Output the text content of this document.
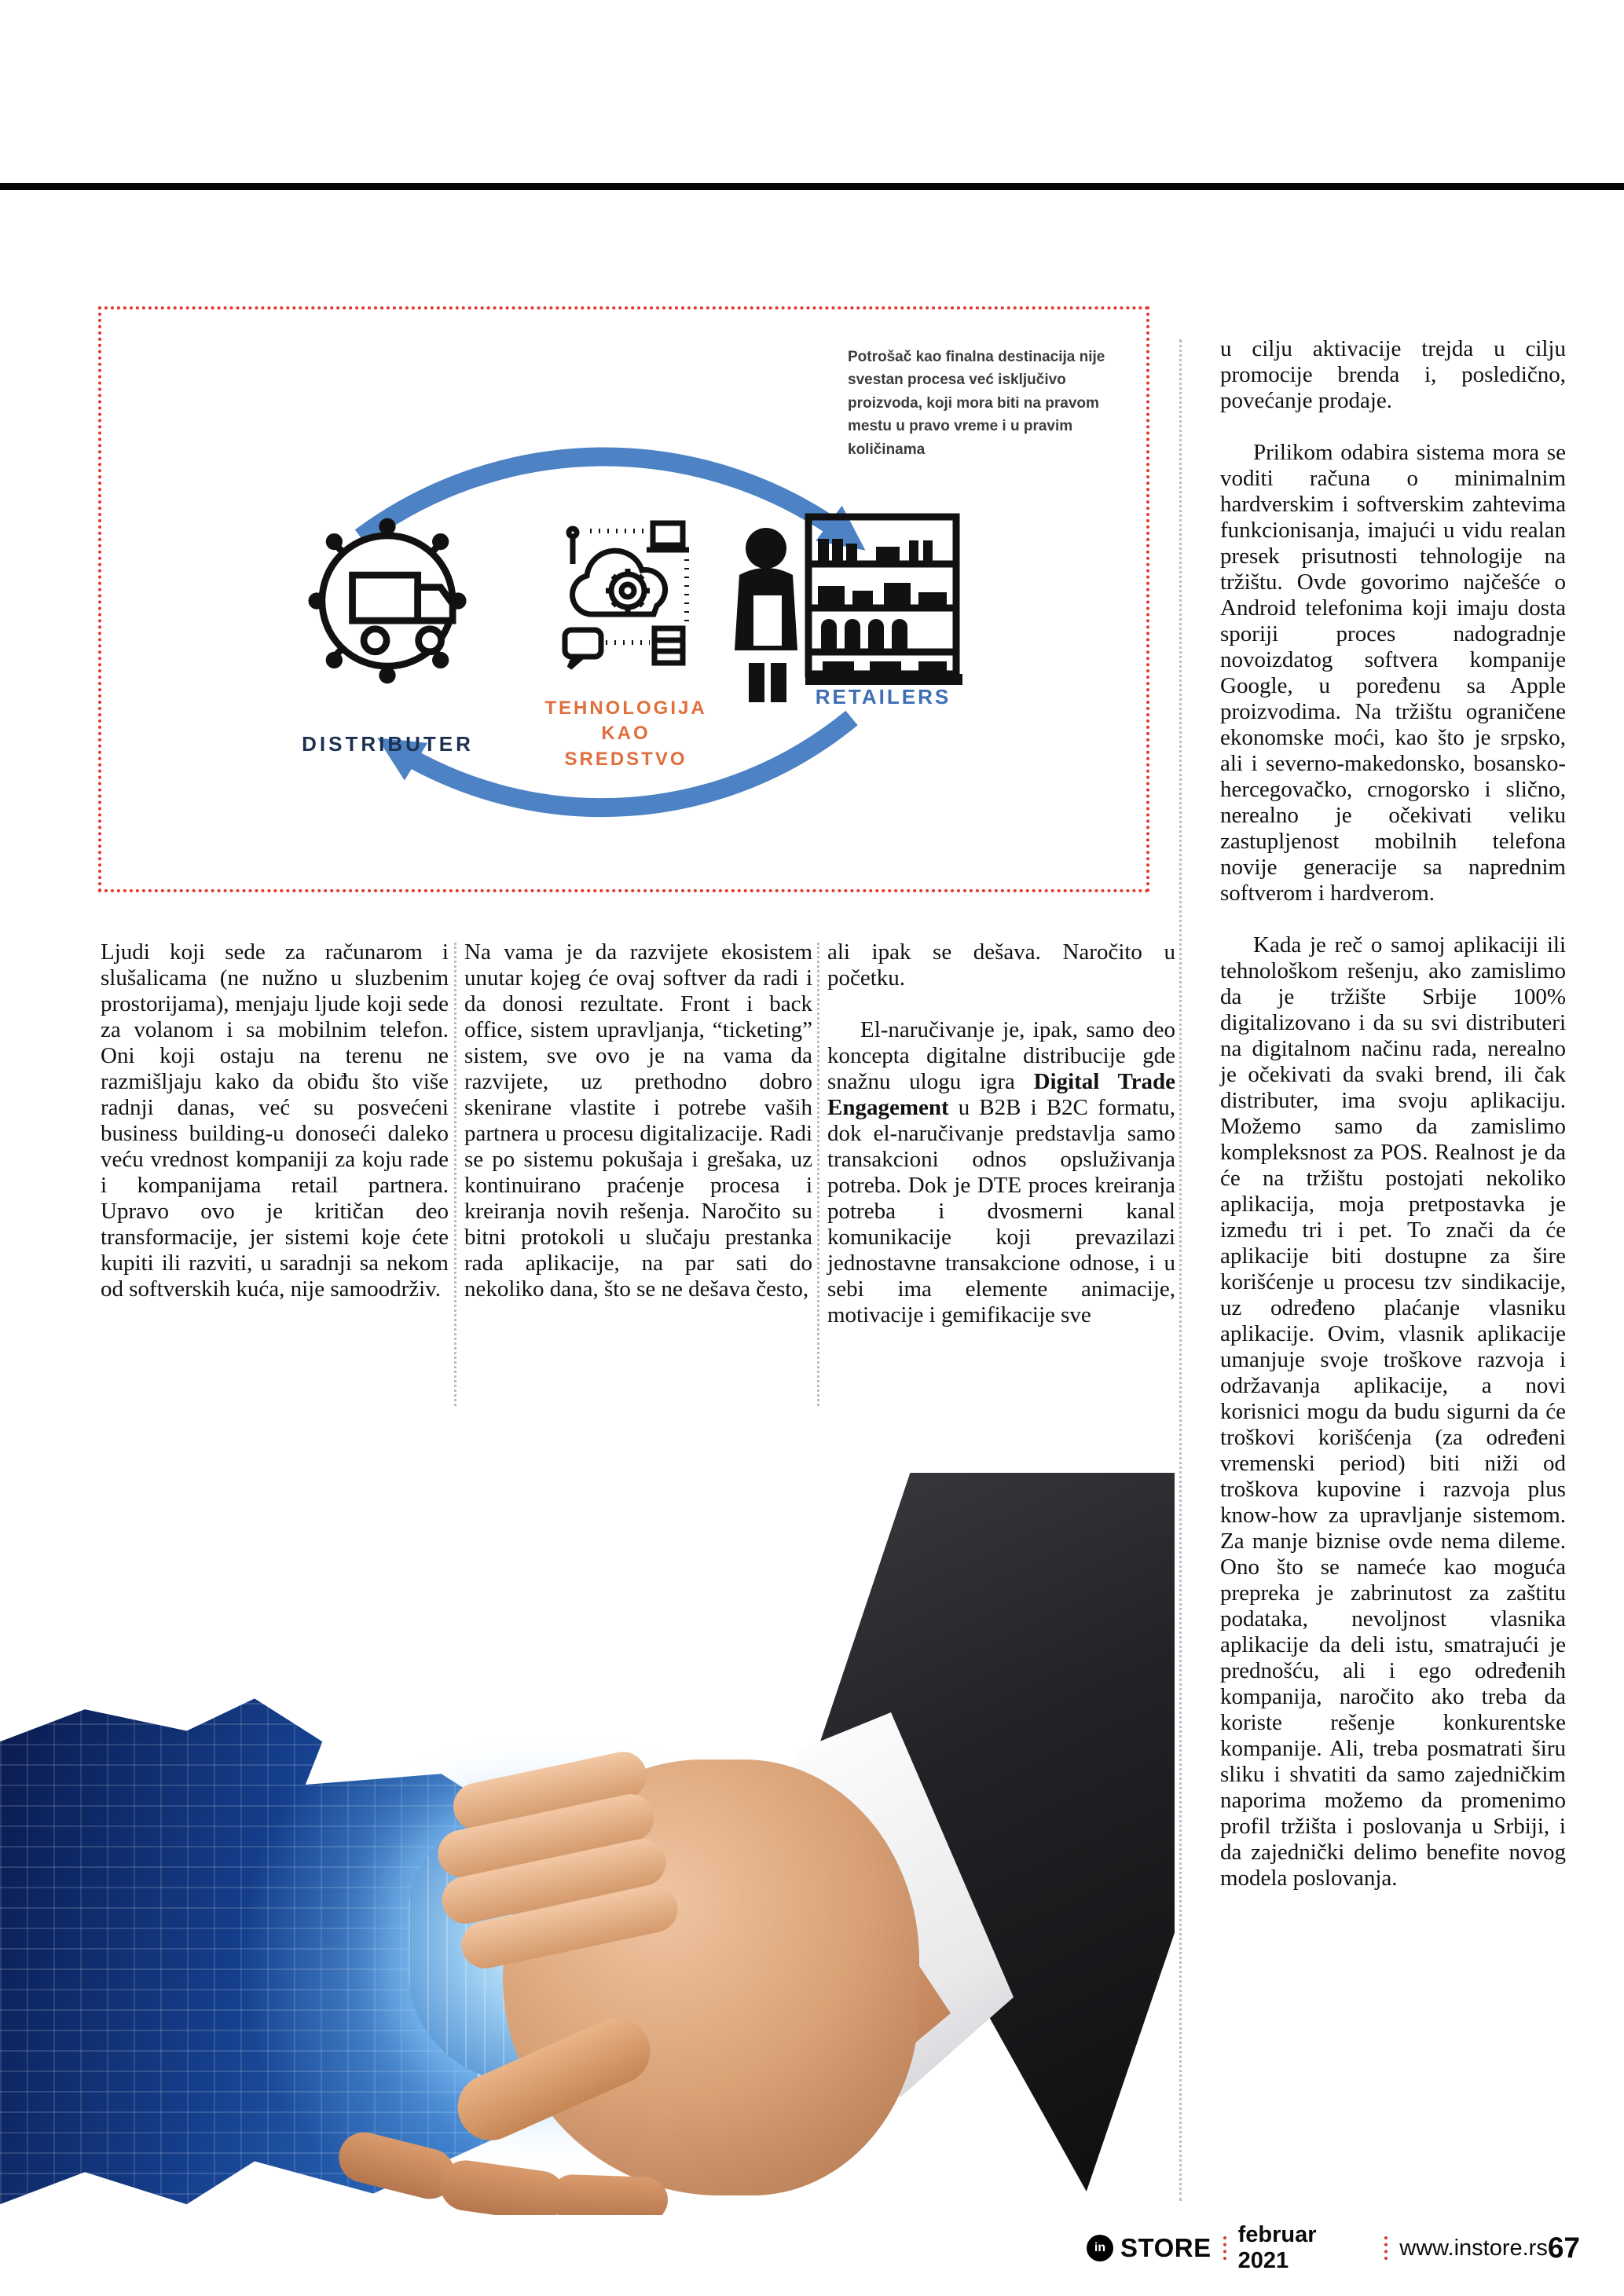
Potrošač kao finalna destinacija nije svestan procesa već isključivo proizvoda, koji mora biti na pravom mestu u pravo vreme i u pravim količinama
DISTRIBUTER
TEHNOLOGIJA
KAO
SREDSTVO
RETAILERS

Ljudi koji sede za računarom i slušalicama (ne nužno u sluzbenim prostorijama), menjaju ljude koji sede za volanom i sa mobilnim telefon. Oni koji ostaju na terenu ne razmišljaju kako da obiđu što više radnji danas, već su posvećeni business building-u donoseći daleko veću vrednost kompaniji za koju rade i kompanijama retail partnera. Upravo ovo je kritičan deo transformacije, jer sistemi koje ćete kupiti ili razviti, u saradnji sa nekom od softverskih kuća, nije samoodrživ.

Na vama je da razvijete ekosistem unutar kojeg će ovaj softver da radi i da donosi rezultate. Front i back office, sistem upravljanja, “ticketing” sistem, sve ovo je na vama da razvijete, uz prethodno dobro skenirane vlastite i potrebe vaših partnera u procesu digitalizacije. Radi se po sistemu pokušaja i grešaka, uz kontinuirano praćenje procesa i kreiranja novih rešenja. Naročito su bitni protokoli u slučaju prestanka rada aplikacije, na par sati do nekoliko dana, što se ne dešava često,

ali ipak se dešava. Naročito u početku.

El-naručivanje je, ipak, samo deo koncepta digitalne distribucije gde snažnu ulogu igra Digital Trade Engagement u B2B i B2C formatu, dok el-naručivanje predstavlja samo transakcioni odnos opsluživanja potreba. Dok je DTE proces kreiranja potreba i dvosmerni kanal komunikacije koji prevazilazi jednostavne transakcione odnose, i u sebi ima elemente animacije, motivacije i gemifikacije sve

u cilju aktivacije trejda u cilju promocije brenda i, posledično, povećanje prodaje.

Prilikom odabira sistema mora se voditi računa o minimalnim hardverskim i softverskim zahtevima funkcionisanja, imajući u vidu realan presek prisutnosti tehnologije na tržištu. Ovde govorimo najčešće o Android telefonima koji imaju dosta sporiji proces nadogradnje novoizdatog softvera kompanije Google, u poređenu sa Apple proizvodima. Na tržištu ograničene ekonomske moći, kao što je srpsko, ali i severno-makedonsko, bosansko-hercegovačko, crnogorsko i slično, nerealno je očekivati veliku zastupljenost mobilnih telefona novije generacije sa naprednim softverom i hardverom.

Kada je reč o samoj aplikaciji ili tehnološkom rešenju, ako zamislimo da je tržište Srbije 100% digitalizovano i da su svi distributeri na digitalnom načinu rada, nerealno je očekivati da svaki brend, ili čak distributer, ima svoju aplikaciju. Možemo samo da zamislimo kompleksnost za POS. Realnost je da će na tržištu postojati nekoliko aplikacija, moja pretpostavka je između tri i pet. To znači da će aplikacije biti dostupne za šire korišćenje u procesu tzv sindikacije, uz određeno plaćanje vlasniku aplikacije. Ovim, vlasnik aplikacije umanjuje svoje troškove razvoja i održavanja aplikacije, a novi korisnici mogu da budu sigurni da će troškovi korišćenja (za određeni vremenski period) biti niži od troškova kupovine i razvoja plus know-how za upravljanje sistemom. Za manje biznise ovde nema dileme. Ono što se nameće kao moguća prepreka je zabrinutost za zaštitu podataka, nevoljnost vlasnika aplikacije da deli istu, smatrajući je prednošću, ali i ego određenih kompanija, naročito ako treba da koriste rešenje konkurentske kompanije. Ali, treba posmatrati širu sliku i shvatiti da samo zajedničkim naporima možemo da promenimo profil tržišta i poslovanja u Srbiji, i da zajednički delimo benefite novog modela poslovanja.

in STORE februar 2021
www.instore.rs 67
